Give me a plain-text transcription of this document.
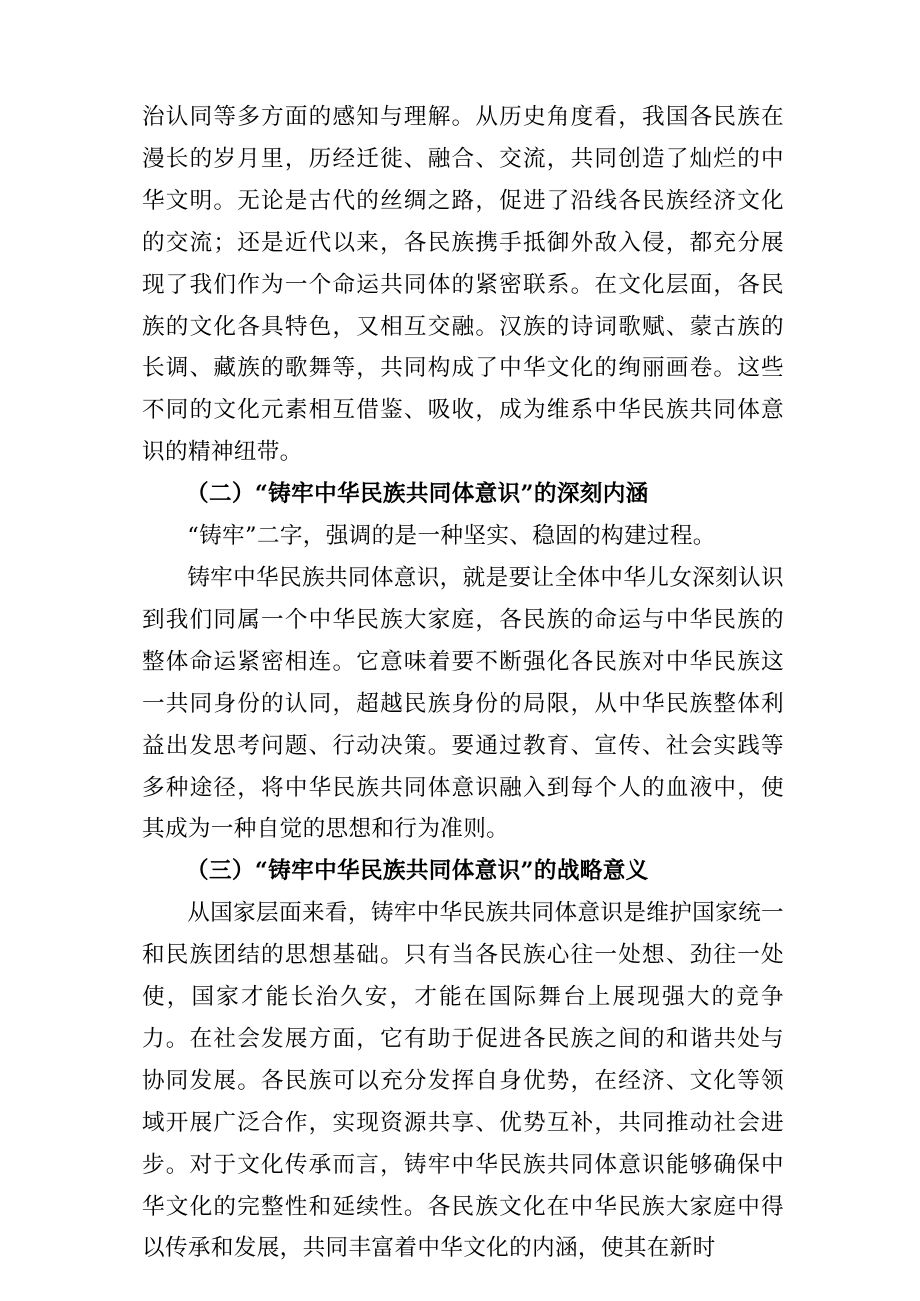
治认同等多方面的感知与理解。从历史角度看，我国各民族在漫长的岁月里，历经迁徙、融合、交流，共同创造了灿烂的中华文明。无论是古代的丝绸之路，促进了沿线各民族经济文化的交流；还是近代以来，各民族携手抵御外敌入侵，都充分展现了我们作为一个命运共同体的紧密联系。在文化层面，各民族的文化各具特色，又相互交融。汉族的诗词歌赋、蒙古族的长调、藏族的歌舞等，共同构成了中华文化的绚丽画卷。这些不同的文化元素相互借鉴、吸收，成为维系中华民族共同体意识的精神纽带。

（二）“铸牢中华民族共同体意识”的深刻内涵

“铸牢”二字，强调的是一种坚实、稳固的构建过程。

铸牢中华民族共同体意识，就是要让全体中华儿女深刻认识到我们同属一个中华民族大家庭，各民族的命运与中华民族的整体命运紧密相连。它意味着要不断强化各民族对中华民族这一共同身份的认同，超越民族身份的局限，从中华民族整体利益出发思考问题、行动决策。要通过教育、宣传、社会实践等多种途径，将中华民族共同体意识融入到每个人的血液中，使其成为一种自觉的思想和行为准则。

（三）“铸牢中华民族共同体意识”的战略意义

从国家层面来看，铸牢中华民族共同体意识是维护国家统一和民族团结的思想基础。只有当各民族心往一处想、劲往一处使，国家才能长治久安，才能在国际舞台上展现强大的竞争力。在社会发展方面，它有助于促进各民族之间的和谐共处与协同发展。各民族可以充分发挥自身优势，在经济、文化等领域开展广泛合作，实现资源共享、优势互补，共同推动社会进步。对于文化传承而言，铸牢中华民族共同体意识能够确保中华文化的完整性和延续性。各民族文化在中华民族大家庭中得以传承和发展，共同丰富着中华文化的内涵，使其在新时
